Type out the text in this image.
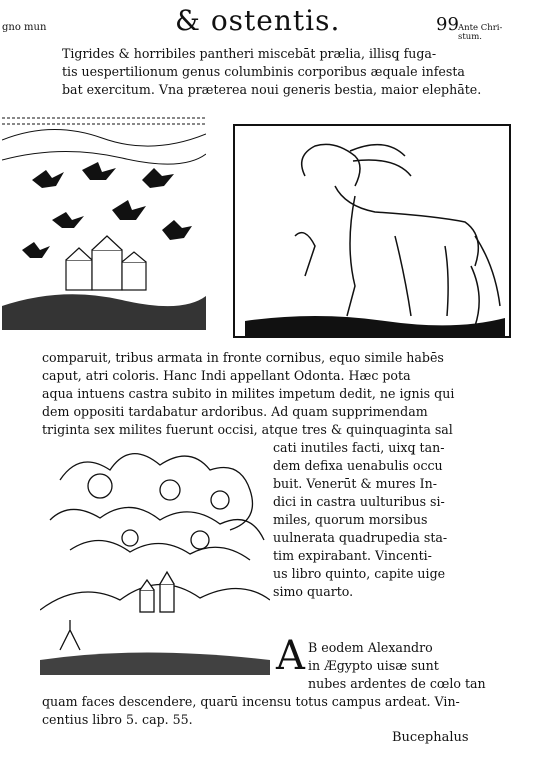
gno mun	& ostentis.	99 Ante Chri-
stum.
Tigrides & horribiles pantheri miscebāt prælia, illisq̧ fuga-
tis uespertilionum genus columbinis corporibus æquale infesta
bat exercitum. Vna præterea noui generis bestia, maior elephāte.
comparuit, tribus armata in fronte cornibus, equo simile habēs
caput, atri coloris. Hanc Indi appellant Odonta. Hæc pota
aqua intuens castra subito in milites impetum dedit, ne ignis qui
dem oppositi tardabatur ardoribus. Ad quam supprimendam
triginta sex milites fuerunt occisi, atque tres & quinquaginta sal
cati inutiles facti, uixq̧ tan-
dem defixa uenabulis occu
buit. Venerūt & mures In-
dici in castra uulturibus si-
miles, quorum morsibus
uulnerata quadrupedia sta-
tim expirabant. Vincenti-
us libro quinto, capite uige
simo quarto.
A B eodem Alexandro
in Ægypto uisæ sunt
nubes ardentes de cœlo tan
quam faces descendere, quarū incensu totus campus ardeat. Vin-
centius libro 5. cap. 55.
Bucephalus
